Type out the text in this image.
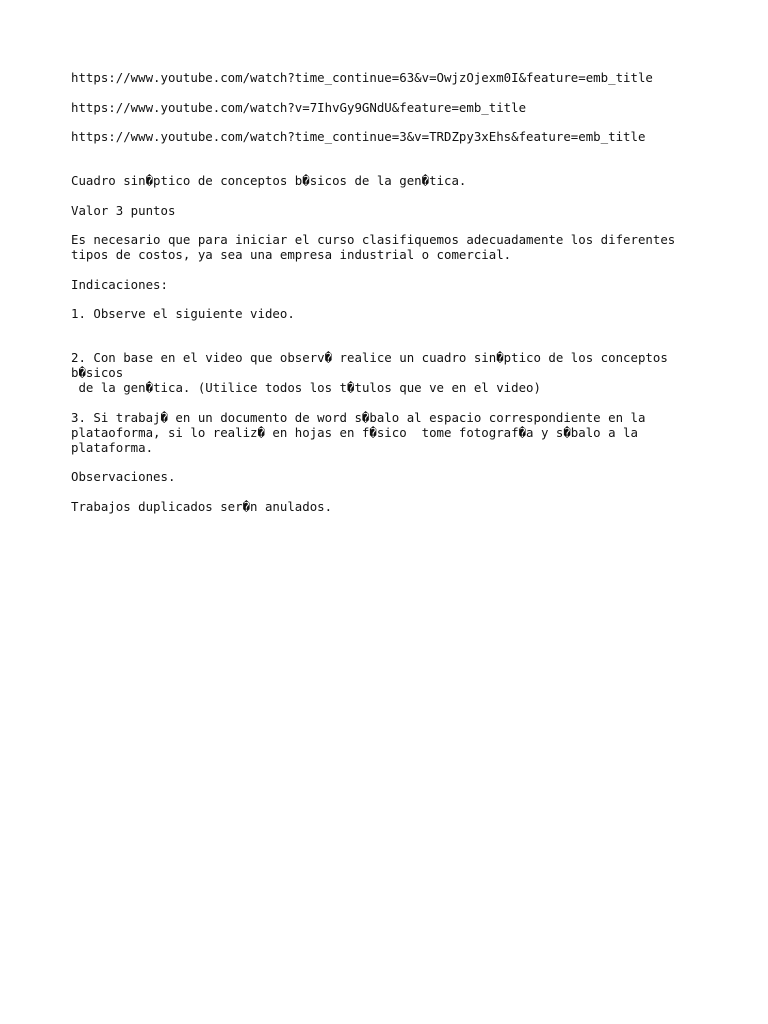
https://www.youtube.com/watch?time_continue=63&v=OwjzOjexm0I&feature=emb_title
https://www.youtube.com/watch?v=7IhvGy9GNdU&feature=emb_title
https://www.youtube.com/watch?time_continue=3&v=TRDZpy3xEhs&feature=emb_title
Cuadro sin�ptico de conceptos b�sicos de la gen�tica.
Valor 3 puntos
Es necesario que para iniciar el curso clasifiquemos adecuadamente los diferentes tipos de costos, ya sea una empresa industrial o comercial.
Indicaciones:
1. Observe el siguiente video.
2. Con base en el video que observ� realice un cuadro sin�ptico de los conceptos b�sicos
de la gen�tica. (Utilice todos los t�tulos que ve en el video)
3. Si trabaj� en un documento de word s�balo al espacio correspondiente en la plataoforma, si lo realiz� en hojas en f�sico  tome fotograf�a y s�balo a la plataforma.
Observaciones.
Trabajos duplicados ser�n anulados.
